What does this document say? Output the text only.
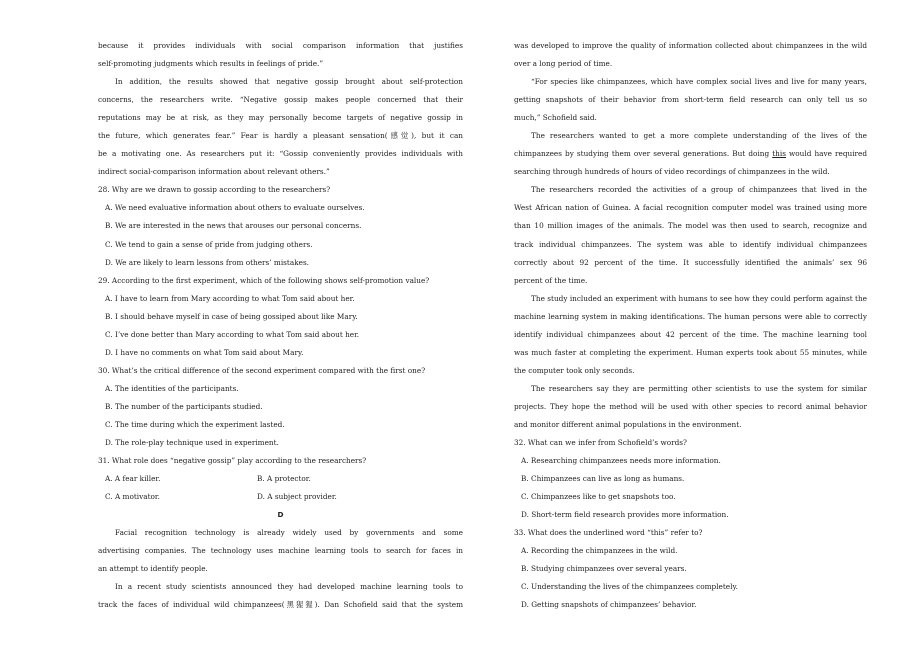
because it provides individuals with social comparison information that justifies
self-promoting judgments which results in feelings of pride.”
In addition, the results showed that negative gossip brought about self-protection
concerns, the researchers write. “Negative gossip makes people concerned that their
reputations may be at risk, as they may personally become targets of negative gossip in
the future, which generates fear.” Fear is hardly a pleasant sensation(感觉), but it can
be a motivating one. As researchers put it: “Gossip conveniently provides individuals with
indirect social-comparison information about relevant others.”
28. Why are we drawn to gossip according to the researchers?
A. We need evaluative information about others to evaluate ourselves.
B. We are interested in the news that arouses our personal concerns.
C. We tend to gain a sense of pride from judging others.
D. We are likely to learn lessons from others’ mistakes.
29. According to the first experiment, which of the following shows self-promotion value?
A. I have to learn from Mary according to what Tom said about her.
B. I should behave myself in case of being gossiped about like Mary.
C. I’ve done better than Mary according to what Tom said about her.
D. I have no comments on what Tom said about Mary.
30. What’s the critical difference of the second experiment compared with the first one?
A. The identities of the participants.
B. The number of the participants studied.
C. The time during which the experiment lasted.
D. The role-play technique used in experiment.
31. What role does “negative gossip” play according to the researchers?
A. A fear killer.	B. A protector.
C. A motivator.	D. A subject provider.
D
Facial recognition technology is already widely used by governments and some
advertising companies. The technology uses machine learning tools to search for faces in
an attempt to identify people.
In a recent study scientists announced they had developed machine learning tools to
track the faces of individual wild chimpanzees(黑猩猩). Dan Schofield said that the system
was developed to improve the quality of information collected about chimpanzees in the wild
over a long period of time.
“For species like chimpanzees, which have complex social lives and live for many years,
getting snapshots of their behavior from short-term field research can only tell us so
much,” Schofield said.
The researchers wanted to get a more complete understanding of the lives of the
chimpanzees by studying them over several generations. But doing this would have required
searching through hundreds of hours of video recordings of chimpanzees in the wild.
The researchers recorded the activities of a group of chimpanzees that lived in the
West African nation of Guinea. A facial recognition computer model was trained using more
than 10 million images of the animals. The model was then used to search, recognize and
track individual chimpanzees. The system was able to identify individual chimpanzees
correctly about 92 percent of the time. It successfully identified the animals’ sex 96
percent of the time.
The study included an experiment with humans to see how they could perform against the
machine learning system in making identifications. The human persons were able to correctly
identify individual chimpanzees about 42 percent of the time. The machine learning tool
was much faster at completing the experiment. Human experts took about 55 minutes, while
the computer took only seconds.
The researchers say they are permitting other scientists to use the system for similar
projects. They hope the method will be used with other species to record animal behavior
and monitor different animal populations in the environment.
32. What can we infer from Schofield’s words?
A. Researching chimpanzees needs more information.
B. Chimpanzees can live as long as humans.
C. Chimpanzees like to get snapshots too.
D. Short-term field research provides more information.
33. What does the underlined word “this” refer to?
A. Recording the chimpanzees in the wild.
B. Studying chimpanzees over several years.
C. Understanding the lives of the chimpanzees completely.
D. Getting snapshots of chimpanzees’ behavior.
